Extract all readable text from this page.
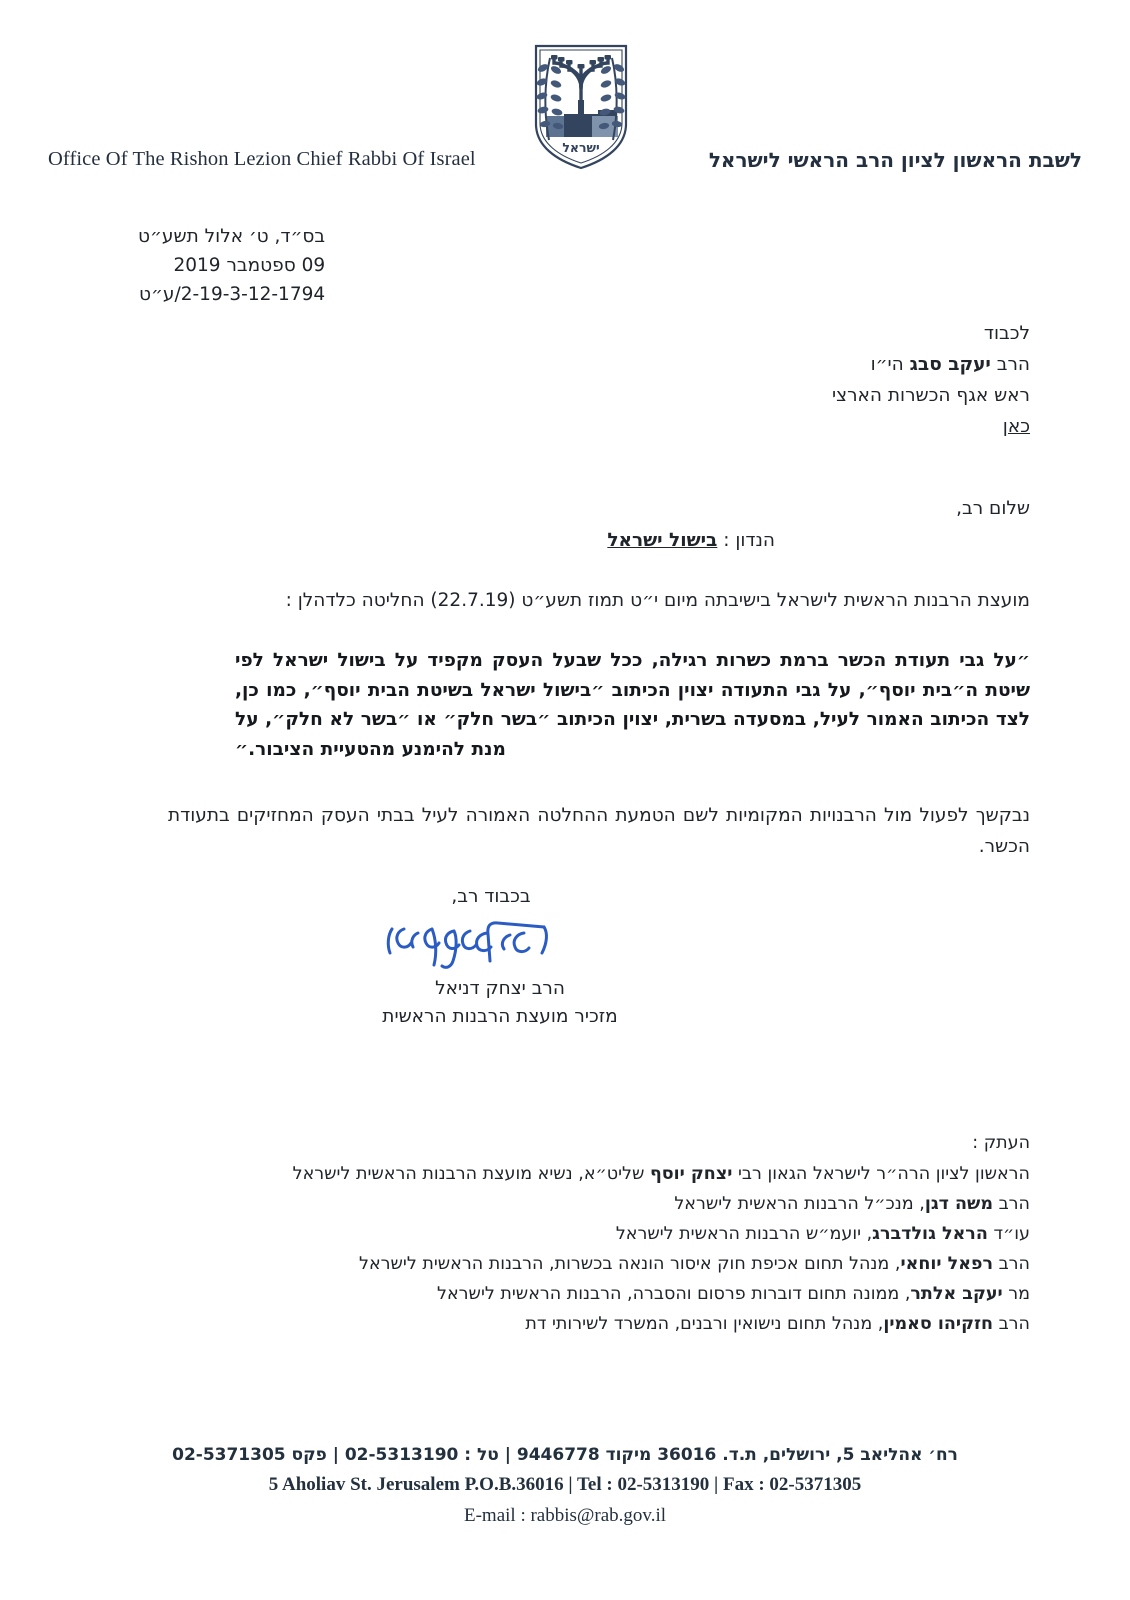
Office Of The Rishon Lezion Chief Rabbi Of Israel
ישראל
לשבת הראשון לציון הרב הראשי לישראל
בס״ד, ט׳ אלול תשע״ט
09 ספטמבר 2019
2-19-3-12-1794/ע״ט
לכבוד
הרב יעקב סבג הי״ו
ראש אגף הכשרות הארצי
כאן
שלום רב,
הנדון : בישול ישראל
מועצת הרבנות הראשית לישראל בישיבתה מיום י״ט תמוז תשע״ט (22.7.19) החליטה כלדהלן :
״על גבי תעודת הכשר ברמת כשרות רגילה, ככל שבעל העסק מקפיד על בישול ישראל לפי שיטת ה״בית יוסף״, על גבי התעודה יצוין הכיתוב ״בישול ישראל בשיטת הבית יוסף״, כמו כן, לצד הכיתוב האמור לעיל, במסעדה בשרית, יצוין הכיתוב ״בשר חלק״ או ״בשר לא חלק״, על מנת להימנע מהטעיית הציבור.״
נבקשך לפעול מול הרבנויות המקומיות לשם הטמעת ההחלטה האמורה לעיל בבתי העסק המחזיקים בתעודת הכשר.
בכבוד רב,
הרב יצחק דניאל
מזכיר מועצת הרבנות הראשית
העתק :
הראשון לציון הרה״ר לישראל הגאון רבי יצחק יוסף שליט״א, נשיא מועצת הרבנות הראשית לישראל
הרב משה דגן, מנכ״ל הרבנות הראשית לישראל
עו״ד הראל גולדברג, יועמ״ש הרבנות הראשית לישראל
הרב רפאל יוחאי, מנהל תחום אכיפת חוק איסור הונאה בכשרות, הרבנות הראשית לישראל
מר יעקב אלתר, ממונה תחום דוברות פרסום והסברה, הרבנות הראשית לישראל
הרב חזקיהו סאמין, מנהל תחום נישואין ורבנים, המשרד לשירותי דת
רח׳ אהליאב 5, ירושלים, ת.ד. 36016 מיקוד 9446778 | טל : 02-5313190 | פקס 02-5371305
5 Aholiav St. Jerusalem P.O.B.36016 | Tel : 02-5313190 | Fax : 02-5371305
E-mail : rabbis@rab.gov.il
